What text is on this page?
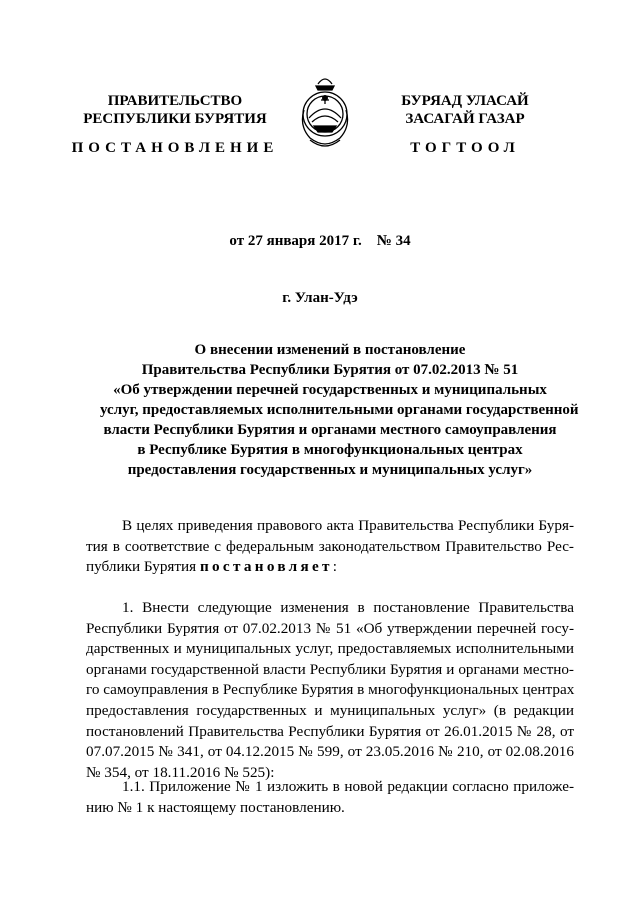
ПРАВИТЕЛЬСТВО
РЕСПУБЛИКИ БУРЯТИЯ
БУРЯАД УЛАСАЙ
ЗАСАГАЙ ГАЗАР
ПОСТАНОВЛЕНИЕ	ТОГТООЛ
от 27 января 2017 г.    № 34
г. Улан-Удэ
О внесении изменений в постановление
Правительства Республики Бурятия от 07.02.2013 № 51
«Об утверждении перечней государственных и муниципальных
услуг, предоставляемых исполнительными органами государственной
власти Республики Бурятия и органами местного самоуправления
в Республике Бурятия в многофункциональных центрах
предоставления государственных и муниципальных услуг»
В целях приведения правового акта Правительства Республики Буря-
тия в соответствие с федеральным законодательством Правительство Рес-
публики Бурятия постановляет:
1. Внести следующие изменения в постановление Правительства
Республики Бурятия от 07.02.2013 № 51 «Об утверждении перечней госу-
дарственных и муниципальных услуг, предоставляемых исполнительными
органами государственной власти Республики Бурятия и органами местно-
го самоуправления в Республике Бурятия в многофункциональных центрах
предоставления государственных и муниципальных услуг» (в редакции
постановлений Правительства Республики Бурятия от 26.01.2015 № 28, от
07.07.2015 № 341, от 04.12.2015 № 599, от 23.05.2016 № 210, от 02.08.2016
№ 354, от 18.11.2016 № 525):
1.1. Приложение № 1 изложить в новой редакции согласно приложе-
нию № 1 к настоящему постановлению.
